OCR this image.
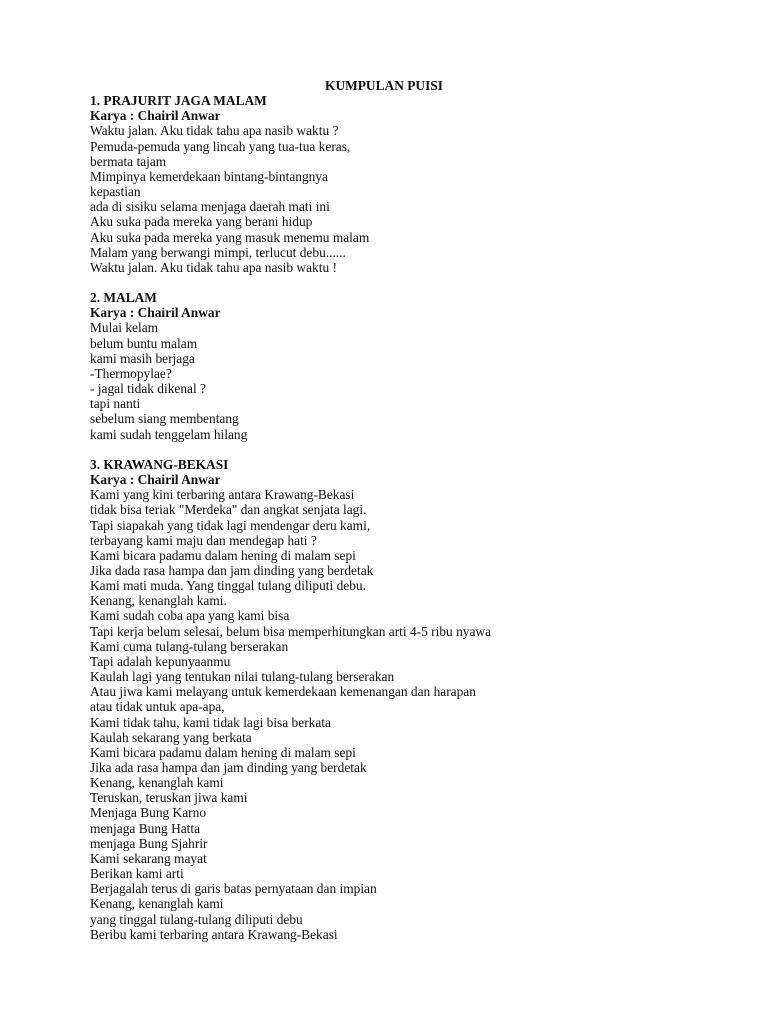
KUMPULAN PUISI
1. PRAJURIT JAGA MALAM
Karya : Chairil Anwar
Waktu jalan. Aku tidak tahu apa nasib waktu ?
Pemuda-pemuda yang lincah yang tua-tua keras,
bermata tajam
Mimpinya kemerdekaan bintang-bintangnya
kepastian
ada di sisiku selama menjaga daerah mati ini
Aku suka pada mereka yang berani hidup
Aku suka pada mereka yang masuk menemu malam
Malam yang berwangi mimpi, terlucut debu......
Waktu jalan. Aku tidak tahu apa nasib waktu !
2. MALAM
Karya : Chairil Anwar
Mulai kelam
belum buntu malam
kami masih berjaga
-Thermopylae?
- jagal tidak dikenal ?
tapi nanti
sebelum siang membentang
kami sudah tenggelam hilang
3. KRAWANG-BEKASI
Karya : Chairil Anwar
Kami yang kini terbaring antara Krawang-Bekasi
tidak bisa teriak "Merdeka" dan angkat senjata lagi.
Tapi siapakah yang tidak lagi mendengar deru kami,
terbayang kami maju dan mendegap hati ?
Kami bicara padamu dalam hening di malam sepi
Jika dada rasa hampa dan jam dinding yang berdetak
Kami mati muda. Yang tinggal tulang diliputi debu.
Kenang, kenanglah kami.
Kami sudah coba apa yang kami bisa
Tapi kerja belum selesai, belum bisa memperhitungkan arti 4-5 ribu nyawa
Kami cuma tulang-tulang berserakan
Tapi adalah kepunyaanmu
Kaulah lagi yang tentukan nilai tulang-tulang berserakan
Atau jiwa kami melayang untuk kemerdekaan kemenangan dan harapan
atau tidak untuk apa-apa,
Kami tidak tahu, kami tidak lagi bisa berkata
Kaulah sekarang yang berkata
Kami bicara padamu dalam hening di malam sepi
Jika ada rasa hampa dan jam dinding yang berdetak
Kenang, kenanglah kami
Teruskan, teruskan jiwa kami
Menjaga Bung Karno
menjaga Bung Hatta
menjaga Bung Sjahrir
Kami sekarang mayat
Berikan kami arti
Berjagalah terus di garis batas pernyataan dan impian
Kenang, kenanglah kami
yang tinggal tulang-tulang diliputi debu
Beribu kami terbaring antara Krawang-Bekasi
